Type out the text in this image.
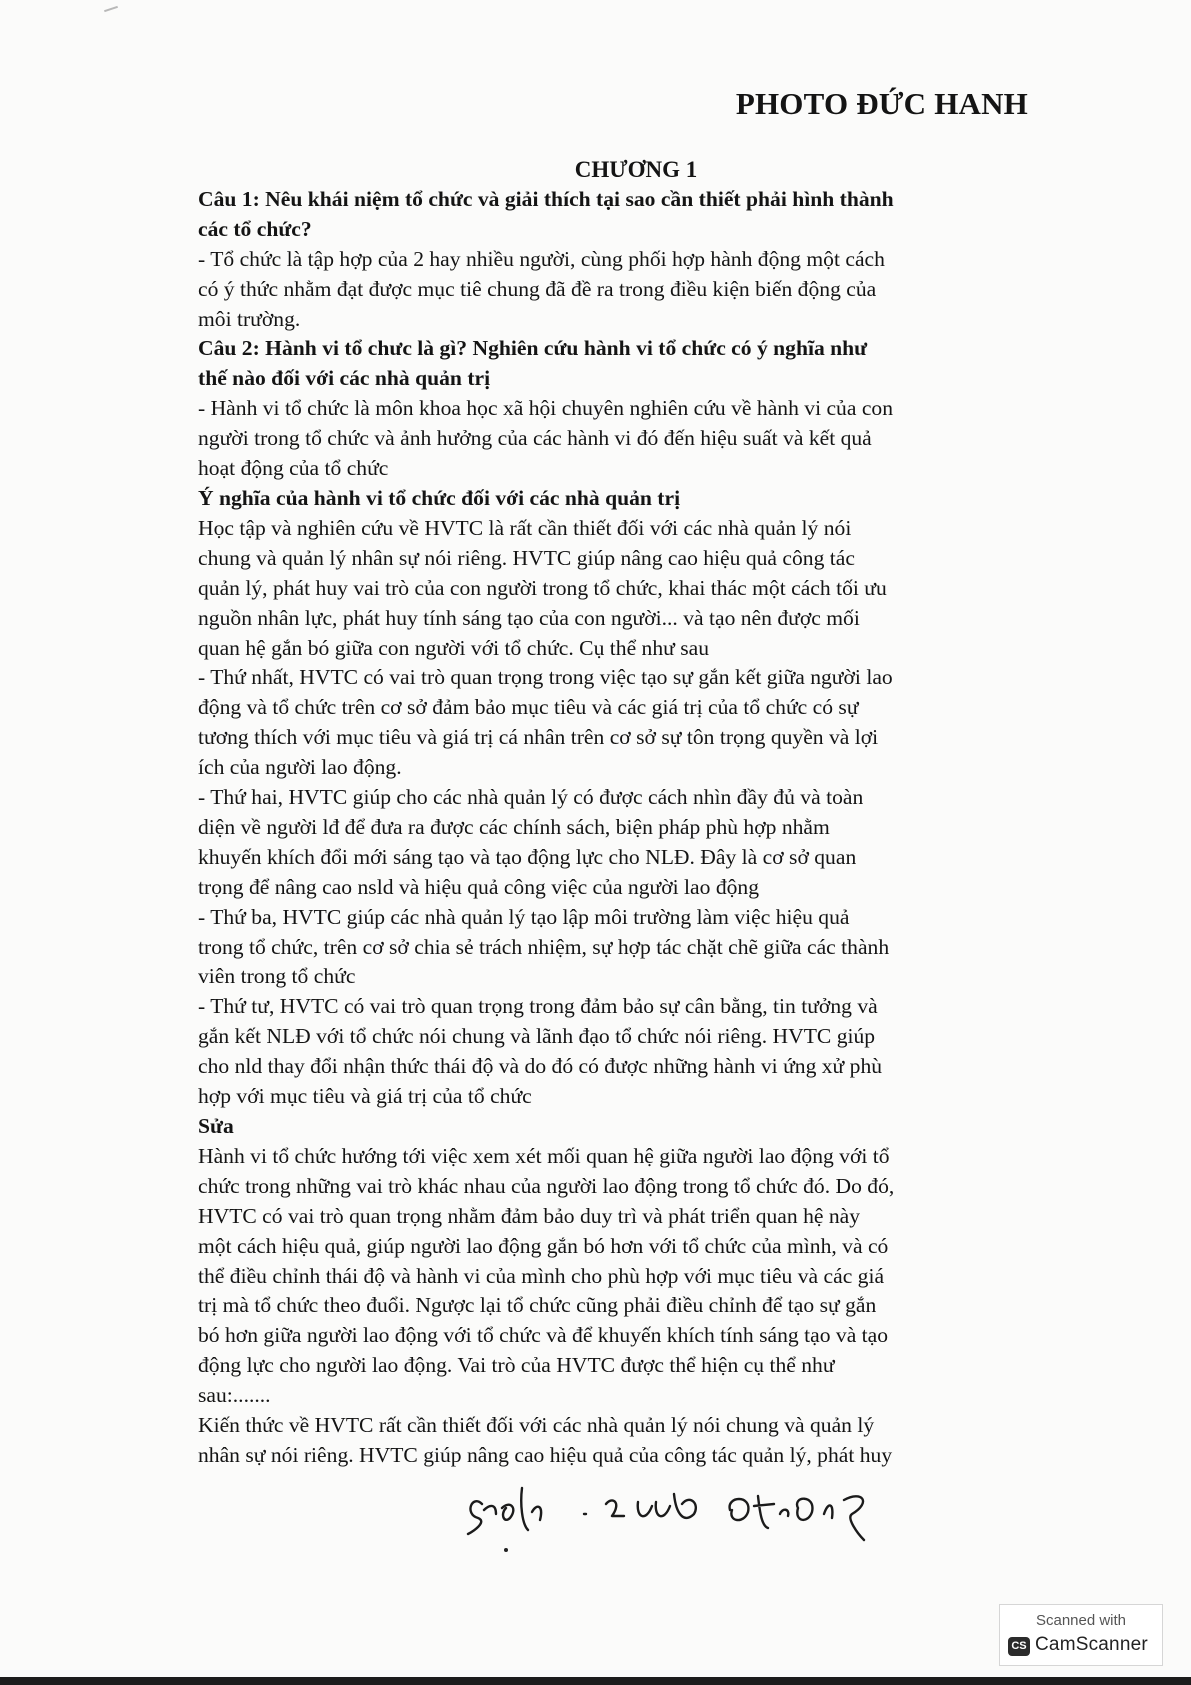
PHOTO ĐỨC HANH
CHƯƠNG 1
Câu 1: Nêu khái niệm tổ chức và giải thích tại sao cần thiết phải hình thành
các tổ chức?
- Tổ chức là tập hợp của 2 hay nhiều người, cùng phối hợp hành động một cách
có ý thức nhằm đạt được mục tiê chung đã đề ra trong điều kiện biến động của
môi trường.
Câu 2: Hành vi tổ chưc là gì? Nghiên cứu hành vi tổ chức có ý nghĩa như
thế nào đối với các nhà quản trị
- Hành vi tổ chức là môn khoa học xã hội chuyên nghiên cứu về hành vi của con
người trong tổ chức và ảnh hưởng của các hành vi đó đến hiệu suất và kết quả
hoạt động của tổ chức
Ý nghĩa của hành vi tổ chức đối với các nhà quản trị
Học tập và nghiên cứu về HVTC là rất cần thiết đối với các nhà quản lý nói
chung và quản lý nhân sự nói riêng. HVTC giúp nâng cao hiệu quả công tác
quản lý, phát huy vai trò của con người trong tổ chức, khai thác một cách tối ưu
nguồn nhân lực, phát huy tính sáng tạo của con người... và tạo nên được mối
quan hệ gắn bó giữa con người với tổ chức. Cụ thể như sau
- Thứ nhất, HVTC có vai trò quan trọng trong việc tạo sự gắn kết giữa người lao
động và tổ chức trên cơ sở đảm bảo mục tiêu và các giá trị của tổ chức có sự
tương thích với mục tiêu và giá trị cá nhân trên cơ sở sự tôn trọng quyền và lợi
ích của người lao động.
- Thứ hai, HVTC giúp cho các nhà quản lý có được cách nhìn đầy đủ và toàn
diện về người lđ để đưa ra được các chính sách, biện pháp phù hợp nhằm
khuyến khích đổi mới sáng tạo và tạo động lực cho NLĐ. Đây là cơ sở quan
trọng để nâng cao nsld và hiệu quả công việc của người lao động
- Thứ ba, HVTC giúp các nhà quản lý tạo lập môi trường làm việc hiệu quả
trong tổ chức, trên cơ sở chia sẻ trách nhiệm, sự hợp tác chặt chẽ giữa các thành
viên trong tổ chức
- Thứ tư, HVTC có vai trò quan trọng trong đảm bảo sự cân bằng, tin tưởng và
gắn kết NLĐ với tổ chức nói chung và lãnh đạo tổ chức nói riêng. HVTC giúp
cho nld thay đổi nhận thức thái độ và do đó có được những hành vi ứng xử phù
hợp với mục tiêu và giá trị của tổ chức
Sửa
Hành vi tổ chức hướng tới việc xem xét mối quan hệ giữa người lao động với tổ
chức trong những vai trò khác nhau của người lao động trong tổ chức đó. Do đó,
HVTC có vai trò quan trọng nhằm đảm bảo duy trì và phát triển quan hệ này
một cách hiệu quả, giúp người lao động gắn bó hơn với tổ chức của mình, và có
thể điều chỉnh thái độ và hành vi của mình cho phù hợp với mục tiêu và các giá
trị mà tổ chức theo đuổi. Ngược lại tổ chức cũng phải điều chỉnh để tạo sự gắn
bó hơn giữa người lao động với tổ chức và để khuyến khích tính sáng tạo và tạo
động lực cho người lao động. Vai trò của HVTC được thể hiện cụ thể như
sau:.......
Kiến thức về HVTC rất cần thiết đối với các nhà quản lý nói chung và quản lý
nhân sự nói riêng. HVTC giúp nâng cao hiệu quả của công tác quản lý, phát huy
Scanned with
CS CamScanner
